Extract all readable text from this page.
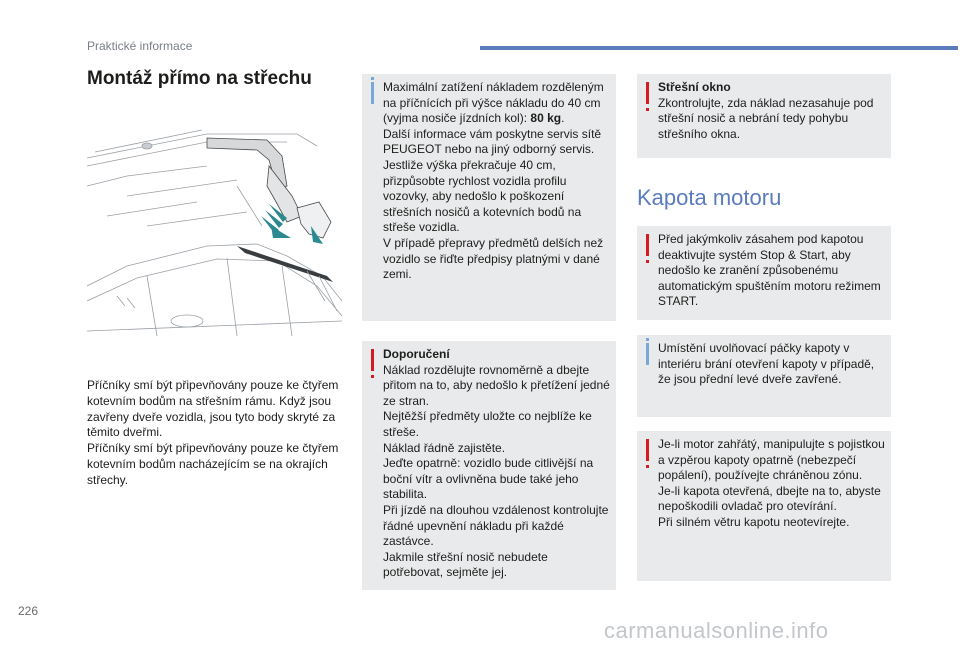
Praktické informace
Montáž přímo na střechu

Příčníky smí být připevňovány pouze ke čtyřem kotevním bodům na střešním rámu. Když jsou zavřeny dveře vozidla, jsou tyto body skryté za těmito dveřmi.

Příčníky smí být připevňovány pouze ke čtyřem kotevním bodům nacházejícím se na okrajích střechy.

Maximální zatížení nákladem rozděleným na příčnících při výšce nákladu do 40 cm (vyjma nosiče jízdních kol): 80 kg.

Další informace vám poskytne servis sítě PEUGEOT nebo na jiný odborný servis.

Jestliže výška překračuje 40 cm, přizpůsobte rychlost vozidla profilu vozovky, aby nedošlo k poškození střešních nosičů a kotevních bodů na střeše vozidla.

V případě přepravy předmětů delších než vozidlo se řiďte předpisy platnými v dané zemi.

Doporučení

Náklad rozdělujte rovnoměrně a dbejte přitom na to, aby nedošlo k přetížení jedné ze stran.

Nejtěžší předměty uložte co nejblíže ke střeše.

Náklad řádně zajistěte.

Jeďte opatrně: vozidlo bude citlivější na boční vítr a ovlivněna bude také jeho stabilita.

Při jízdě na dlouhou vzdálenost kontrolujte řádné upevnění nákladu při každé zastávce.

Jakmile střešní nosič nebudete potřebovat, sejměte jej.

Střešní okno

Zkontrolujte, zda náklad nezasahuje pod střešní nosič a nebrání tedy pohybu střešního okna.

Kapota motoru

Před jakýmkoliv zásahem pod kapotou deaktivujte systém Stop & Start, aby nedošlo ke zranění způsobenému automatickým spuštěním motoru režimem START.

Umístění uvolňovací páčky kapoty v interiéru brání otevření kapoty v případě, že jsou přední levé dveře zavřené.

Je-li motor zahřátý, manipulujte s pojistkou a vzpěrou kapoty opatrně (nebezpečí popálení), používejte chráněnou zónu.

Je-li kapota otevřená, dbejte na to, abyste nepoškodili ovladač pro otevírání.

Při silném větru kapotu neotevírejte.

226
carmanualsonline.info
